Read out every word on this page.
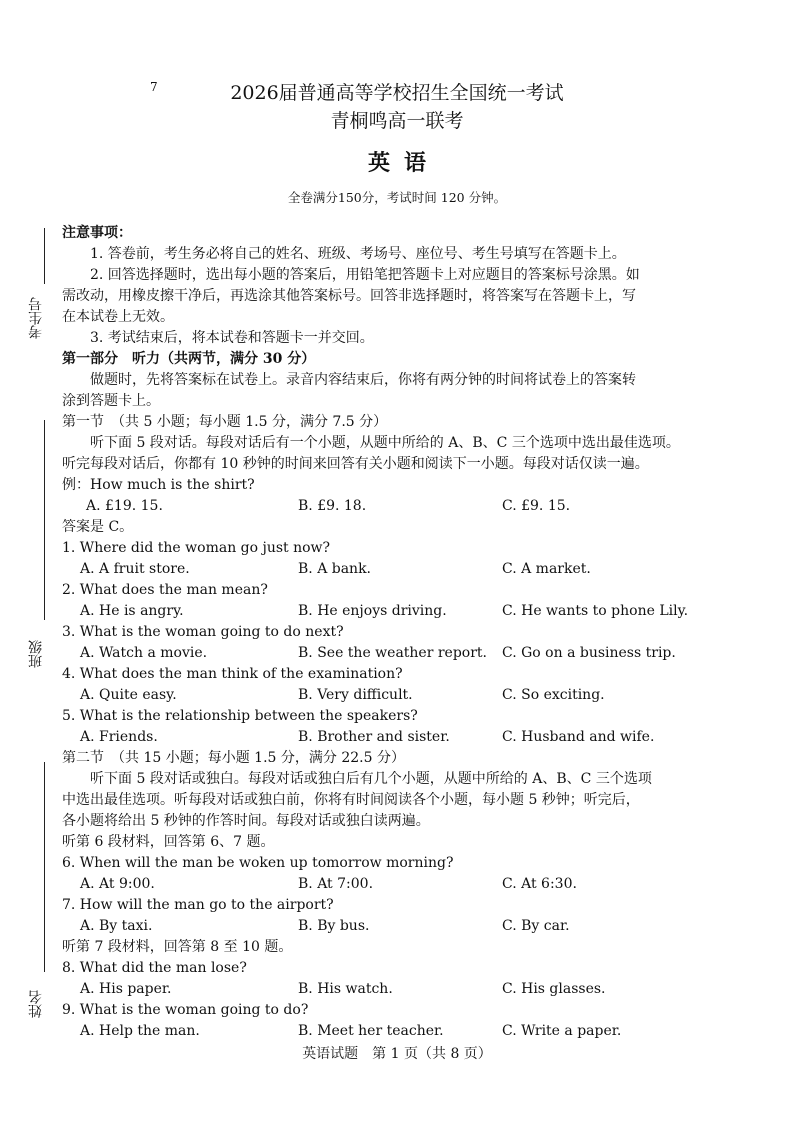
考生号
班级
姓名
7	2026届普通高等学校招生全国统一考试
青桐鸣高一联考
英语
全卷满分150分，考试时间 120 分钟。
注意事项：
1. 答卷前，考生务必将自己的姓名、班级、考场号、座位号、考生号填写在答题卡上。
2. 回答选择题时，选出每小题的答案后，用铅笔把答题卡上对应题目的答案标号涂黑。如
需改动，用橡皮擦干净后，再选涂其他答案标号。回答非选择题时，将答案写在答题卡上，写
在本试卷上无效。
3. 考试结束后，将本试卷和答题卡一并交回。
第一部分　听力（共两节，满分 30 分）
做题时，先将答案标在试卷上。录音内容结束后，你将有两分钟的时间将试卷上的答案转
涂到答题卡上。
第一节　（共 5 小题；每小题 1.5 分，满分 7.5 分）
听下面 5 段对话。每段对话后有一个小题，从题中所给的 A、B、C 三个选项中选出最佳选项。
听完每段对话后，你都有 10 秒钟的时间来回答有关小题和阅读下一小题。每段对话仅读一遍。
例：How much is the shirt?
A. £19. 15.	B. £9. 18.	C. £9. 15.
答案是 C。
1. Where did the woman go just now?
A. A fruit store.	B. A bank.	C. A market.
2. What does the man mean?
A. He is angry.	B. He enjoys driving.	C. He wants to phone Lily.
3. What is the woman going to do next?
A. Watch a movie.	B. See the weather report. C. Go on a business trip.
4. What does the man think of the examination?
A. Quite easy.	B. Very difficult.	C. So exciting.
5. What is the relationship between the speakers?
A. Friends.	B. Brother and sister.	C. Husband and wife.
第二节　（共 15 小题；每小题 1.5 分，满分 22.5 分）
听下面 5 段对话或独白。每段对话或独白后有几个小题，从题中所给的 A、B、C 三个选项
中选出最佳选项。听每段对话或独白前，你将有时间阅读各个小题，每小题 5 秒钟；听完后，
各小题将给出 5 秒钟的作答时间。每段对话或独白读两遍。
听第 6 段材料，回答第 6、7 题。
6. When will the man be woken up tomorrow morning?
A. At 9:00.	B. At 7:00.	C. At 6:30.
7. How will the man go to the airport?
A. By taxi.	B. By bus.	C. By car.
听第 7 段材料，回答第 8 至 10 题。
8. What did the man lose?
A. His paper.	B. His watch.	C. His glasses.
9. What is the woman going to do?
A. Help the man.	B. Meet her teacher.	C. Write a paper.
英语试题　第 1 页（共 8 页）
